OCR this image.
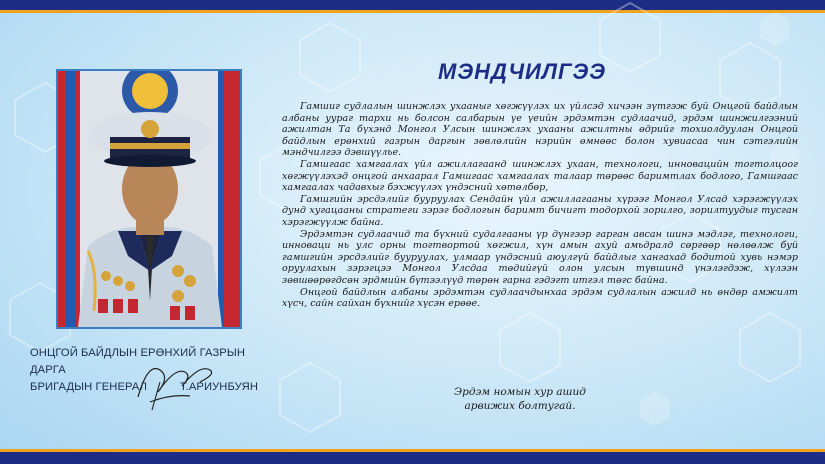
ОНЦГОЙ БАЙДЛЫН ЕРӨНХИЙ ГАЗРЫН ДАРГА
БРИГАДЫН ГЕНЕРАЛ	Т.АРИУНБУЯН
МЭНДЧИЛГЭЭ

Гамшиг судлалын шинжлэх ухааныг хөгжүүлэх их үйлсэд хичээн зүтгэж буй Онцгой байдлын албаны уураг тархи нь болсон салбарын үе үеийн эрдэмтэн судлаачид, эрдэм шинжилгээний ажилтан Та бүхэнд Монгол Улсын шинжлэх ухааны ажилтны өдрийг тохиолдуулан Онцгой байдлын ерөнхий газрын даргын зөвлөлийн нэрийн өмнөөс болон хувиасаа чин сэтгэлийн мэндчилгээ дэвшүүлье.

Гамшгаас хамгаалах үйл ажиллагаанд шинжлэх ухаан, технологи, инновацийн тогтолцоог хөгжүүлэхэд онцгой анхаарал Гамшгаас хамгаалах талаар төрөөс баримтлах бодлого, Гамшгаас хамгаалах чадавхыг бэхжүүлэх үндэсний хөтөлбөр,

Гамшгийн эрсдэлийг бууруулах Сендайн үйл ажиллагааны хүрээг Монгол Улсад хэрэгжүүлэх дунд хугацааны стратеги зэрэг бодлогын баримт бичигт тодорхой зорилго, зорилтуудыг тусган хэрэгжүүлж байна.

Эрдэмтэн судлаачид та бүхний судалгааны үр дүнгээр гарган авсан шинэ мэдлэг, технологи, инноваци нь улс орны тогтвортой хөгжил, хүн амын ахуй амьдралд сөргөөр нөлөөлж буй гамшгийн эрсдэлийг бууруулах, улмаар үндэсний аюулгүй байдлыг хангахад бодитой хувь нэмэр оруулахын зэрэгцээ Монгол Улсдаа төдийгүй олон улсын түвшинд үнэлэгдэж, хүлээн зөвшөөрөгдсөн эрдмийн бүтээлүүд төрөн гарна гэдэгт итгэл төгс байна.

Онцгой байдлын албаны эрдэмтэн судлаачдынхаа эрдэм судлалын ажилд нь өндөр амжилт хүсч, сайн сайхан бүхнийг хүсэн ерөөе.

Эрдэм номын хур ашид
арвижих болтугай.
